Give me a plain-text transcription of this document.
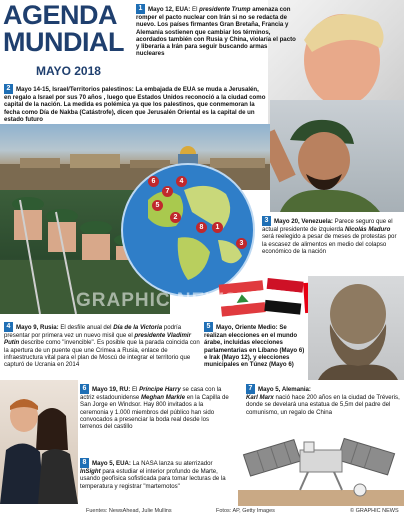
AGENDA
MUNDIAL
MAYO 2018
1 Mayo 12, EUA: El presidente Trump amenaza con romper el pacto nuclear con Irán si no se redacta de nuevo. Los países firmantes Gran Bretaña, Francia y Alemania sostienen que cambiar los términos, acordados también con Rusia y China, violaría el pacto y liberaría a Irán para seguir buscando armas nucleares
2 Mayo 14-15, Israel/Territorios palestinos: La embajada de EUA se muda a Jerusalén, en regalo a Israel por sus 70 años , luego que Estados Unidos reconoció a la ciudad como capital de la nación. La medida es polémica ya que los palestinos, que conmemoran la fecha como Día de Nakba (Catástrofe), dicen que Jerusalén Oriental es la capital de un estado futuro
6
7
4
5
2
1
8
3
3 Mayo 20, Venezuela: Parece seguro que el actual presidente de izquierda Nicolás Maduro será reelegido a pesar de meses de protestas por la escasez de alimentos en medio del colapso económico de la nación
GRAPHIC NEWS
4 Mayo 9, Rusia: El desfile anual del Día de la Victoria podría presentar por primera vez un nuevo misil que el presidente Vladimir Putin describe como "invencible". Es posible que la parada coincida con la apertura de un puente que une Crimea a Rusia, enlace de infraestructura vital para el plan de Moscú de integrar el territorio que capturó de Ucrania en 2014
5 Mayo, Oriente Medio: Se realizan elecciones en el mundo árabe, incluidas elecciones parlamentarias en Líbano (Mayo 6) e Irak (Mayo 12), y elecciones municipales en Túnez (Mayo 6)
6 Mayo 19, RU: El Príncipe Harry se casa con la actriz estadounidense Meghan Markle en la Capilla de San Jorge en Windsor. Hay 800 invitados a la ceremonia y 1.000 miembros del público han sido convocados a presenciar la boda real desde los terrenos del castillo
7 Mayo 5, Alemania:
Karl Marx nació hace 200 años en la ciudad de Tréveris, donde se develará una estatua de 5,5m del padre del comunismo, un regalo de China
8 Mayo 5, EUA: La NASA lanza su aterrizador InSight para estudiar el interior profundo de Marte, usando geofísica sofisticada para tomar lecturas de la temperatura y registrar "martemotos"
Fuentes: NewsAhead, Julie Mullins	Fotos: AP, Getty Images	© GRAPHIC NEWS
